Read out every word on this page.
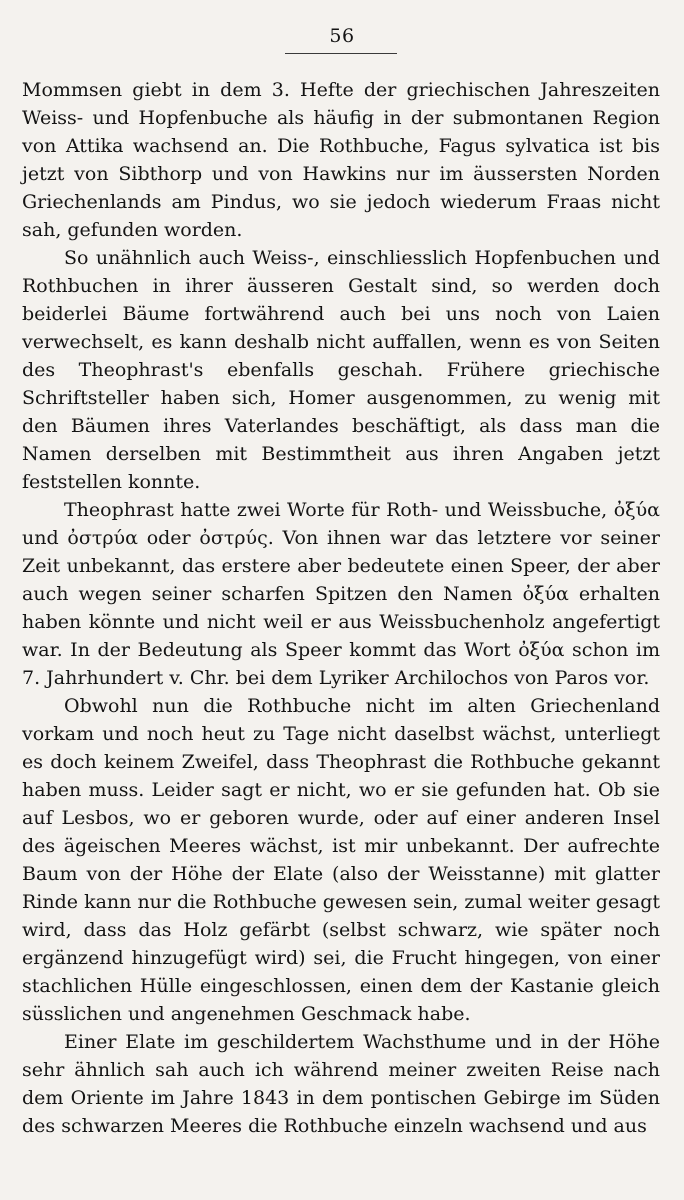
56

Mommsen giebt in dem 3. Hefte der griechischen Jahreszeiten Weiss- und Hopfenbuche als häufig in der submontanen Region von Attika wachsend an. Die Rothbuche, Fagus sylvatica ist bis jetzt von Sibthorp und von Hawkins nur im äussersten Norden Griechenlands am Pindus, wo sie jedoch wiederum Fraas nicht sah, gefunden worden.

So unähnlich auch Weiss-, einschliesslich Hopfenbuchen und Rothbuchen in ihrer äusseren Gestalt sind, so werden doch beiderlei Bäume fortwährend auch bei uns noch von Laien verwechselt, es kann deshalb nicht auffallen, wenn es von Seiten des Theophrast's ebenfalls geschah. Frühere griechische Schriftsteller haben sich, Homer ausgenommen, zu wenig mit den Bäumen ihres Vaterlandes beschäftigt, als dass man die Namen derselben mit Bestimmtheit aus ihren Angaben jetzt feststellen konnte.

Theophrast hatte zwei Worte für Roth- und Weissbuche, ὀξύα und ὀστρύα oder ὀστρύς. Von ihnen war das letztere vor seiner Zeit unbekannt, das erstere aber bedeutete einen Speer, der aber auch wegen seiner scharfen Spitzen den Namen ὀξύα erhalten haben könnte und nicht weil er aus Weissbuchenholz angefertigt war. In der Bedeutung als Speer kommt das Wort ὀξύα schon im 7. Jahrhundert v. Chr. bei dem Lyriker Archilochos von Paros vor.

Obwohl nun die Rothbuche nicht im alten Griechenland vorkam und noch heut zu Tage nicht daselbst wächst, unterliegt es doch keinem Zweifel, dass Theophrast die Rothbuche gekannt haben muss. Leider sagt er nicht, wo er sie gefunden hat. Ob sie auf Lesbos, wo er geboren wurde, oder auf einer anderen Insel des ägeischen Meeres wächst, ist mir unbekannt. Der aufrechte Baum von der Höhe der Elate (also der Weisstanne) mit glatter Rinde kann nur die Rothbuche gewesen sein, zumal weiter gesagt wird, dass das Holz gefärbt (selbst schwarz, wie später noch ergänzend hinzugefügt wird) sei, die Frucht hingegen, von einer stachlichen Hülle eingeschlossen, einen dem der Kastanie gleich süsslichen und angenehmen Geschmack habe.

Einer Elate im geschildertem Wachsthume und in der Höhe sehr ähnlich sah auch ich während meiner zweiten Reise nach dem Oriente im Jahre 1843 in dem pontischen Gebirge im Süden des schwarzen Meeres die Rothbuche einzeln wachsend und aus
